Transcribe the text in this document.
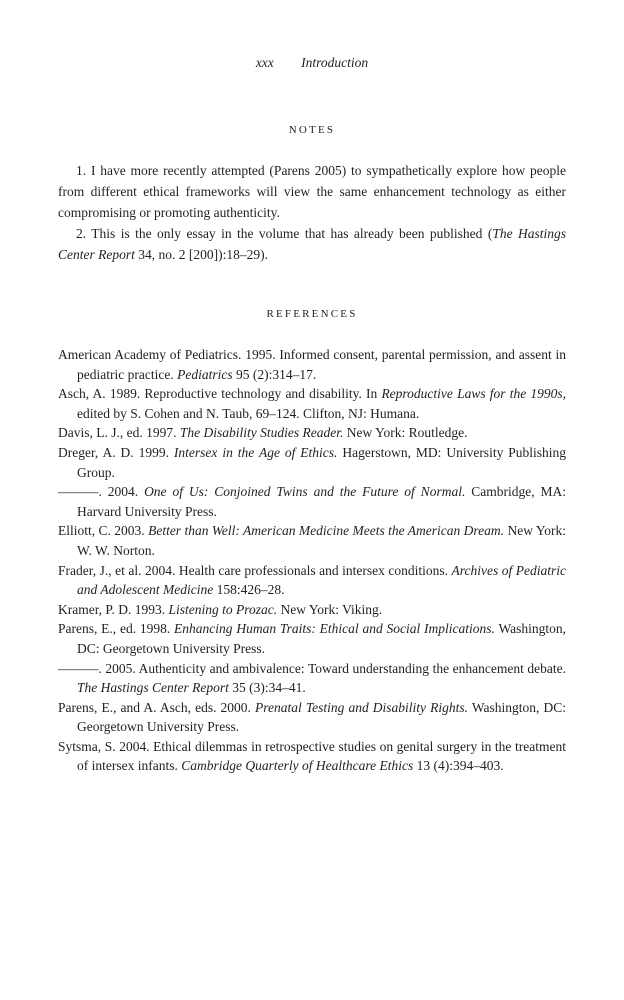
xxx Introduction
NOTES

1. I have more recently attempted (Parens 2005) to sympathetically explore how people from different ethical frameworks will view the same enhancement technology as either compromising or promoting authenticity.

2. This is the only essay in the volume that has already been published (The Hastings Center Report 34, no. 2 [200]):18–29).

REFERENCES

American Academy of Pediatrics. 1995. Informed consent, parental permission, and assent in pediatric practice. Pediatrics 95 (2):314–17.

Asch, A. 1989. Reproductive technology and disability. In Reproductive Laws for the 1990s, edited by S. Cohen and N. Taub, 69–124. Clifton, NJ: Humana.

Davis, L. J., ed. 1997. The Disability Studies Reader. New York: Routledge.

Dreger, A. D. 1999. Intersex in the Age of Ethics. Hagerstown, MD: University Publishing Group.

———. 2004. One of Us: Conjoined Twins and the Future of Normal. Cambridge, MA: Harvard University Press.

Elliott, C. 2003. Better than Well: American Medicine Meets the American Dream. New York: W. W. Norton.

Frader, J., et al. 2004. Health care professionals and intersex conditions. Archives of Pediatric and Adolescent Medicine 158:426–28.

Kramer, P. D. 1993. Listening to Prozac. New York: Viking.

Parens, E., ed. 1998. Enhancing Human Traits: Ethical and Social Implications. Washington, DC: Georgetown University Press.

———. 2005. Authenticity and ambivalence: Toward understanding the enhancement debate. The Hastings Center Report 35 (3):34–41.

Parens, E., and A. Asch, eds. 2000. Prenatal Testing and Disability Rights. Washington, DC: Georgetown University Press.

Sytsma, S. 2004. Ethical dilemmas in retrospective studies on genital surgery in the treatment of intersex infants. Cambridge Quarterly of Healthcare Ethics 13 (4):394–403.
